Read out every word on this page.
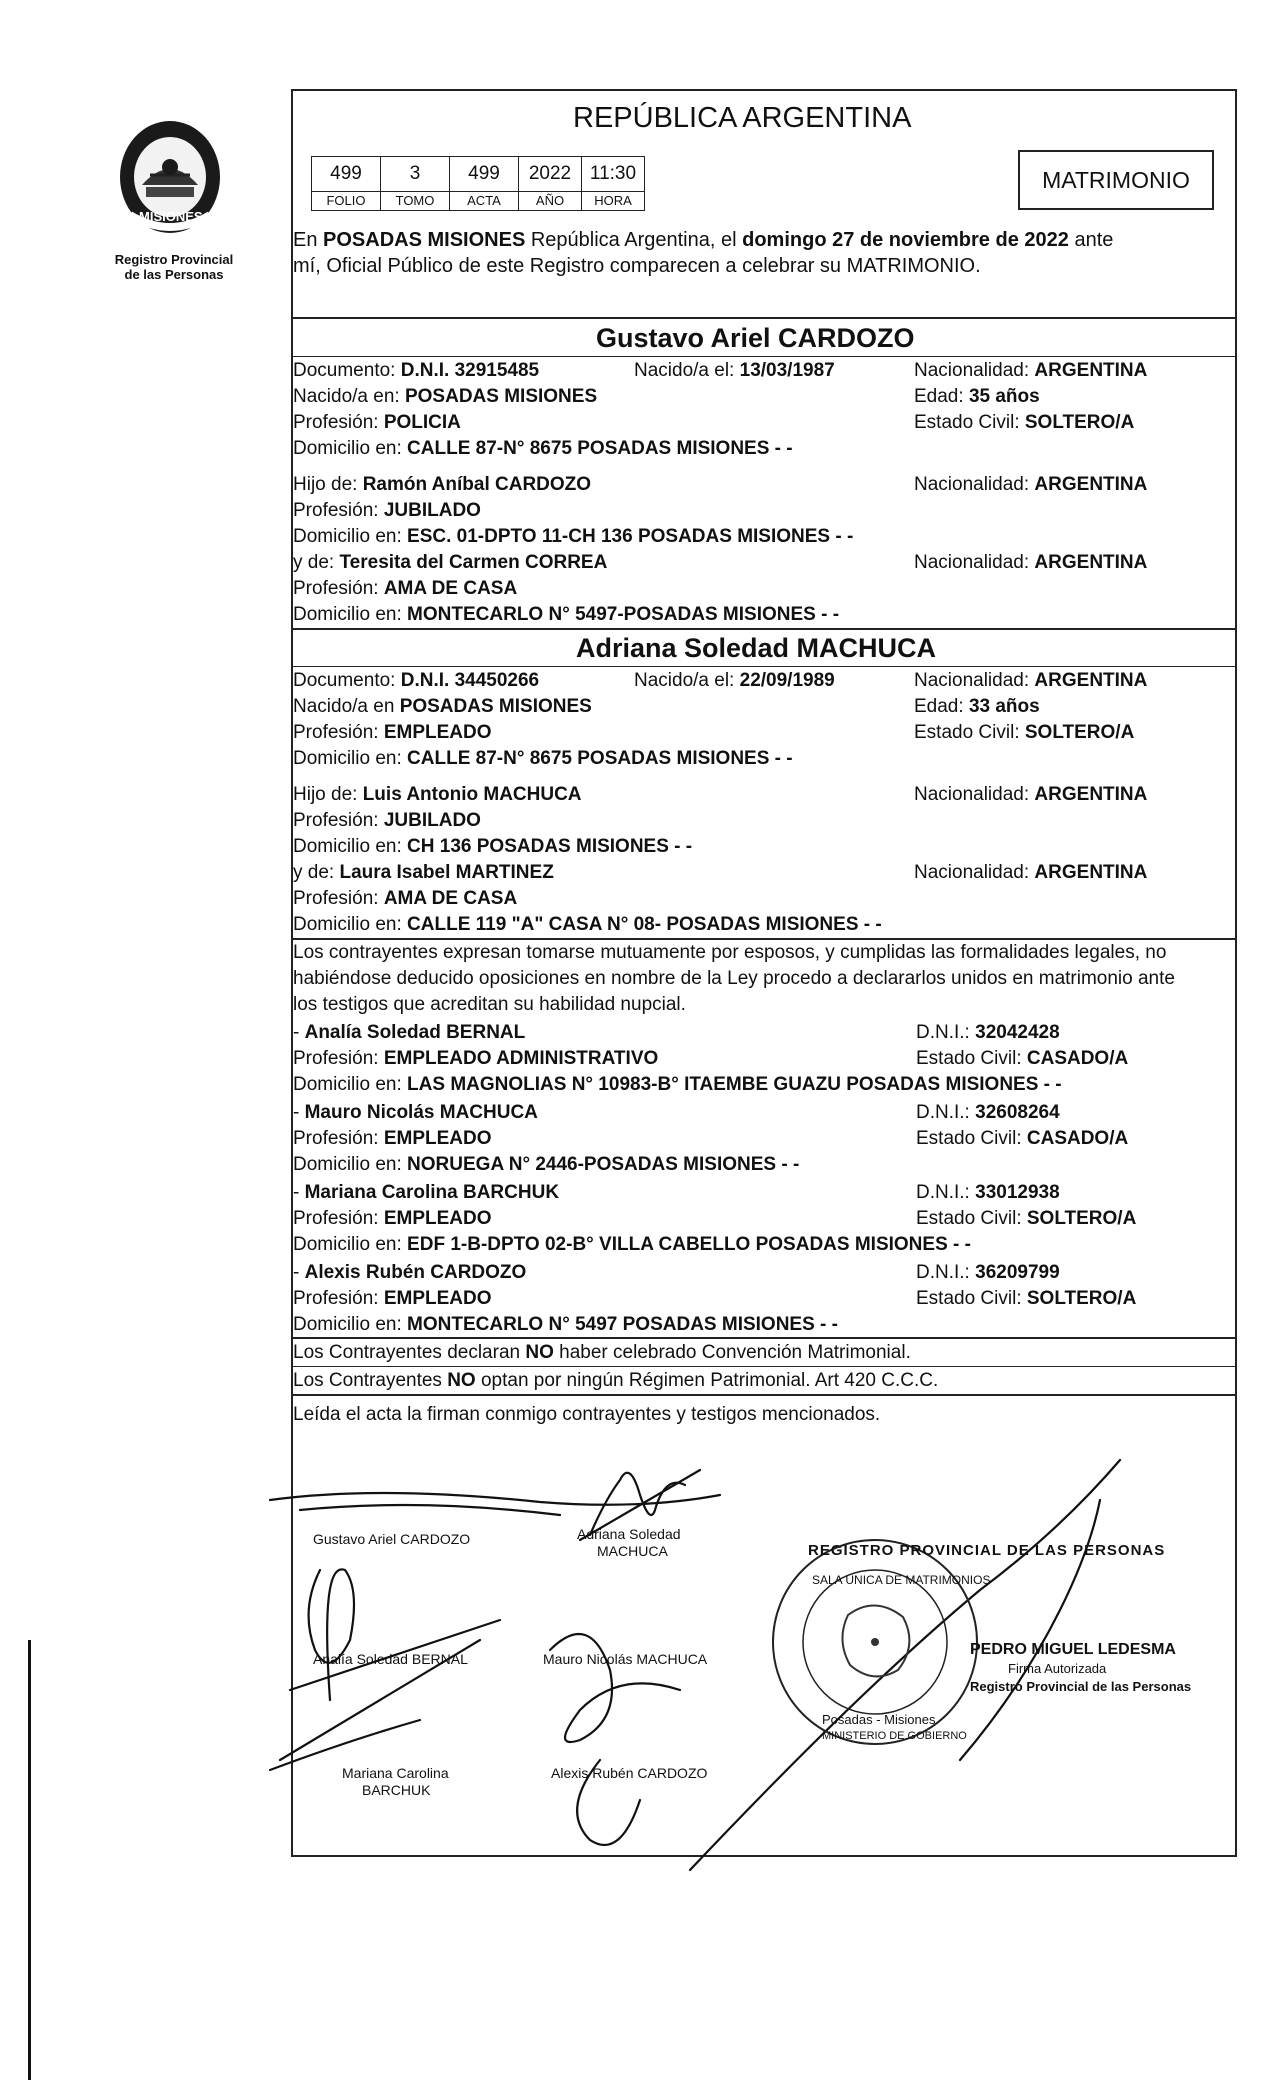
MISIONES
Registro Provincial
de las Personas
REPÚBLICA ARGENTINA
499	3	499	2022	11:30
FOLIO	TOMO	ACTA	AÑO	HORA
MATRIMONIO
En POSADAS MISIONES República Argentina, el domingo 27 de noviembre de 2022 ante
mí, Oficial Público de este Registro comparecen a celebrar su MATRIMONIO.
Gustavo Ariel CARDOZO
Documento: D.N.I. 32915485	Nacido/a el: 13/03/1987	Nacionalidad: ARGENTINA
Nacido/a en: POSADAS MISIONES	Edad: 35 años
Profesión: POLICIA	Estado Civil: SOLTERO/A
Domicilio en: CALLE 87-N° 8675 POSADAS MISIONES - -
Hijo de: Ramón Aníbal CARDOZO	Nacionalidad: ARGENTINA
Profesión: JUBILADO
Domicilio en: ESC. 01-DPTO 11-CH 136 POSADAS MISIONES - -
y de: Teresita del Carmen CORREA	Nacionalidad: ARGENTINA
Profesión: AMA DE CASA
Domicilio en: MONTECARLO N° 5497-POSADAS MISIONES - -
Adriana Soledad MACHUCA
Documento: D.N.I. 34450266	Nacido/a el: 22/09/1989	Nacionalidad: ARGENTINA
Nacido/a en POSADAS MISIONES	Edad: 33 años
Profesión: EMPLEADO	Estado Civil: SOLTERO/A
Domicilio en: CALLE 87-N° 8675 POSADAS MISIONES - -
Hijo de: Luis Antonio MACHUCA	Nacionalidad: ARGENTINA
Profesión: JUBILADO
Domicilio en: CH 136 POSADAS MISIONES - -
y de: Laura Isabel MARTINEZ	Nacionalidad: ARGENTINA
Profesión: AMA DE CASA
Domicilio en: CALLE 119 "A" CASA N° 08- POSADAS MISIONES - -
Los contrayentes expresan tomarse mutuamente por esposos, y cumplidas las formalidades legales, no
habiéndose deducido oposiciones en nombre de la Ley procedo a declararlos unidos en matrimonio ante
los testigos que acreditan su habilidad nupcial.
- Analía Soledad BERNAL	D.N.I.: 32042428
Profesión: EMPLEADO ADMINISTRATIVO	Estado Civil: CASADO/A
Domicilio en: LAS MAGNOLIAS N° 10983-B° ITAEMBE GUAZU POSADAS MISIONES - -
- Mauro Nicolás MACHUCA	D.N.I.: 32608264
Profesión: EMPLEADO	Estado Civil: CASADO/A
Domicilio en: NORUEGA N° 2446-POSADAS MISIONES - -
- Mariana Carolina BARCHUK	D.N.I.: 33012938
Profesión: EMPLEADO	Estado Civil: SOLTERO/A
Domicilio en: EDF 1-B-DPTO 02-B° VILLA CABELLO POSADAS MISIONES - -
- Alexis Rubén CARDOZO	D.N.I.: 36209799
Profesión: EMPLEADO	Estado Civil: SOLTERO/A
Domicilio en: MONTECARLO N° 5497 POSADAS MISIONES - -
Los Contrayentes declaran NO haber celebrado Convención Matrimonial.
Los Contrayentes NO optan por ningún Régimen Patrimonial. Art 420 C.C.C.
Leída el acta la firman conmigo contrayentes y testigos mencionados.
Gustavo Ariel CARDOZO	Adriana Soledad
MACHUCA
Analía Soledad BERNAL	Mauro Nicolás MACHUCA
Mariana Carolina
BARCHUK
Alexis Rubén CARDOZO
REGISTRO PROVINCIAL DE LAS PERSONAS
SALA UNICA DE MATRIMONIOS
Posadas - Misiones
MINISTERIO DE GOBIERNO
PEDRO MIGUEL LEDESMA
Firma Autorizada
Registro Provincial de las Personas
